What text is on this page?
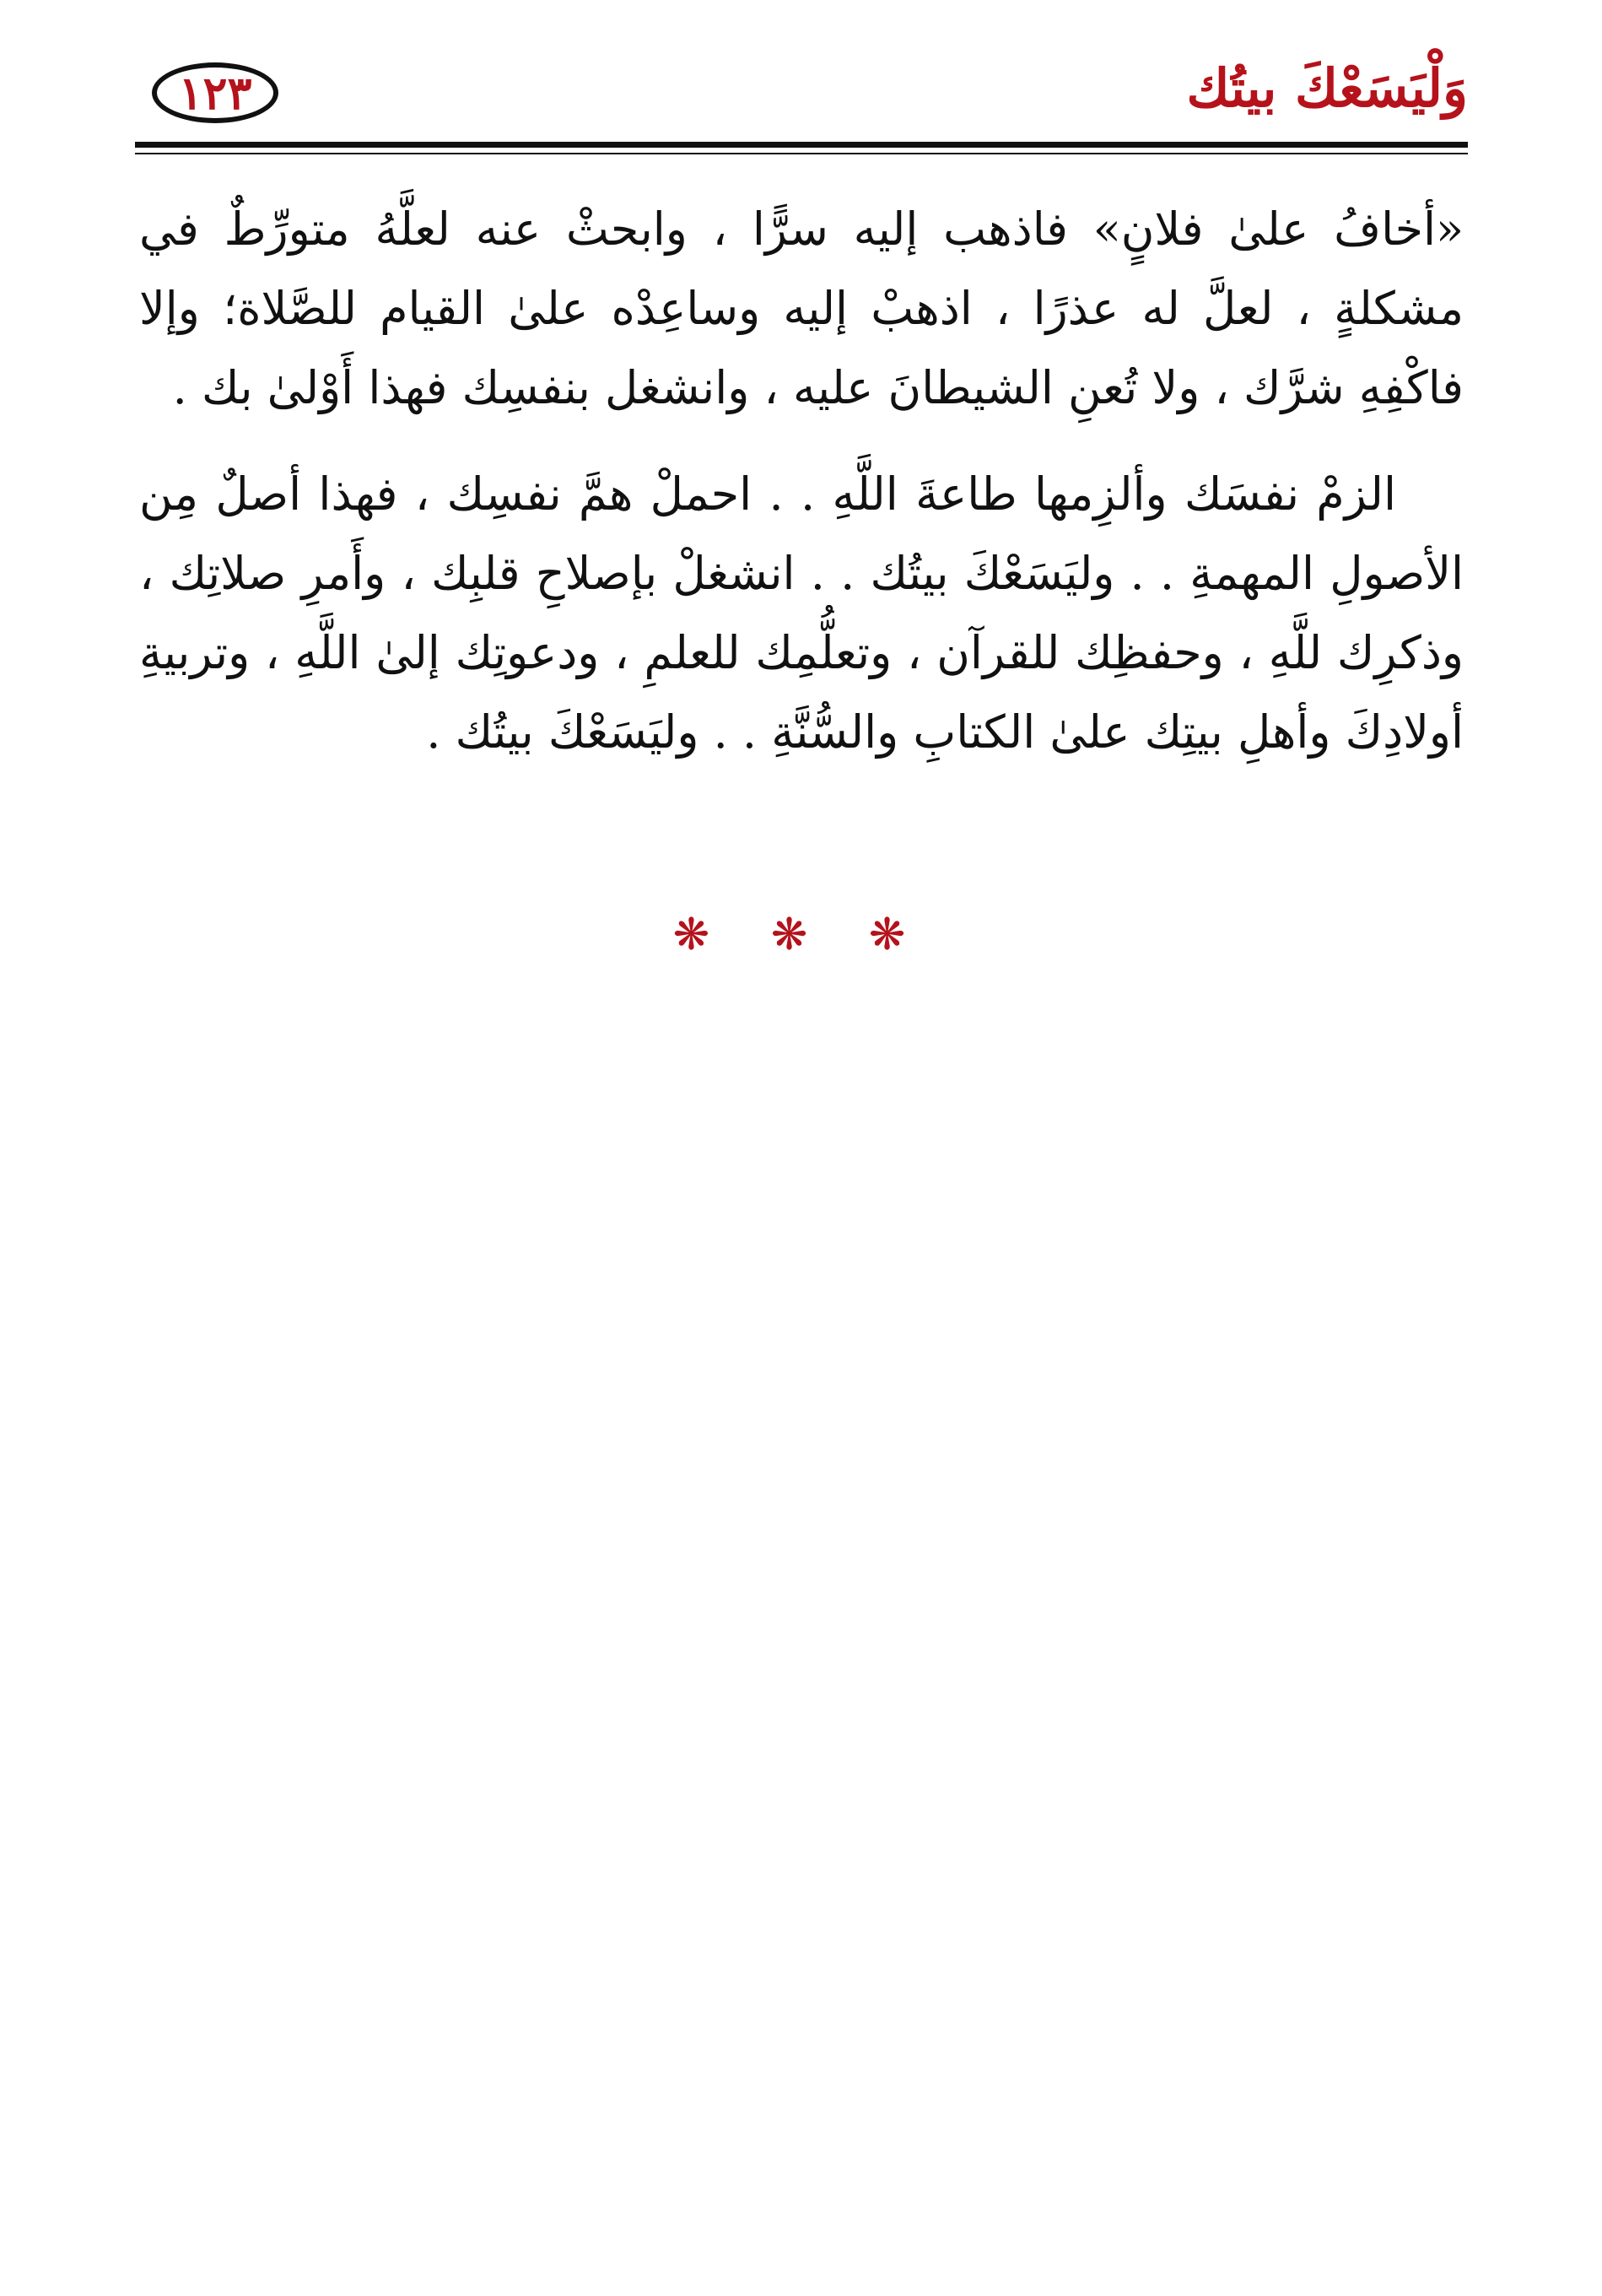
وَلْيَسَعْكَ بيتُك
١٢٣

«أخافُ علىٰ فلانٍ» فاذهب إليه سرًّا ، وابحثْ عنه لعلَّهُ متورِّطٌ في مشكلةٍ ، لعلَّ له عذرًا ، اذهبْ إليه وساعِدْه علىٰ القيام للصَّلاة؛ وإلا فاكْفِهِ شرَّك ، ولا تُعنِ الشيطانَ عليه ، وانشغل بنفسِك فهذا أَوْلىٰ بك .

الزمْ نفسَك وألزِمها طاعةَ اللَّهِ . . احملْ همَّ نفسِك ، فهذا أصلٌ مِن الأصولِ المهمةِ . . وليَسَعْكَ بيتُك . . انشغلْ بإصلاحِ قلبِك ، وأَمرِ صلاتِك ، وذكرِك للَّهِ ، وحفظِك للقرآن ، وتعلُّمِك للعلمِ ، ودعوتِك إلىٰ اللَّهِ ، وتربيةِ أولادِكَ وأهلِ بيتِك علىٰ الكتابِ والسُّنَّةِ . . وليَسَعْكَ بيتُك .

❋ ❋ ❋
